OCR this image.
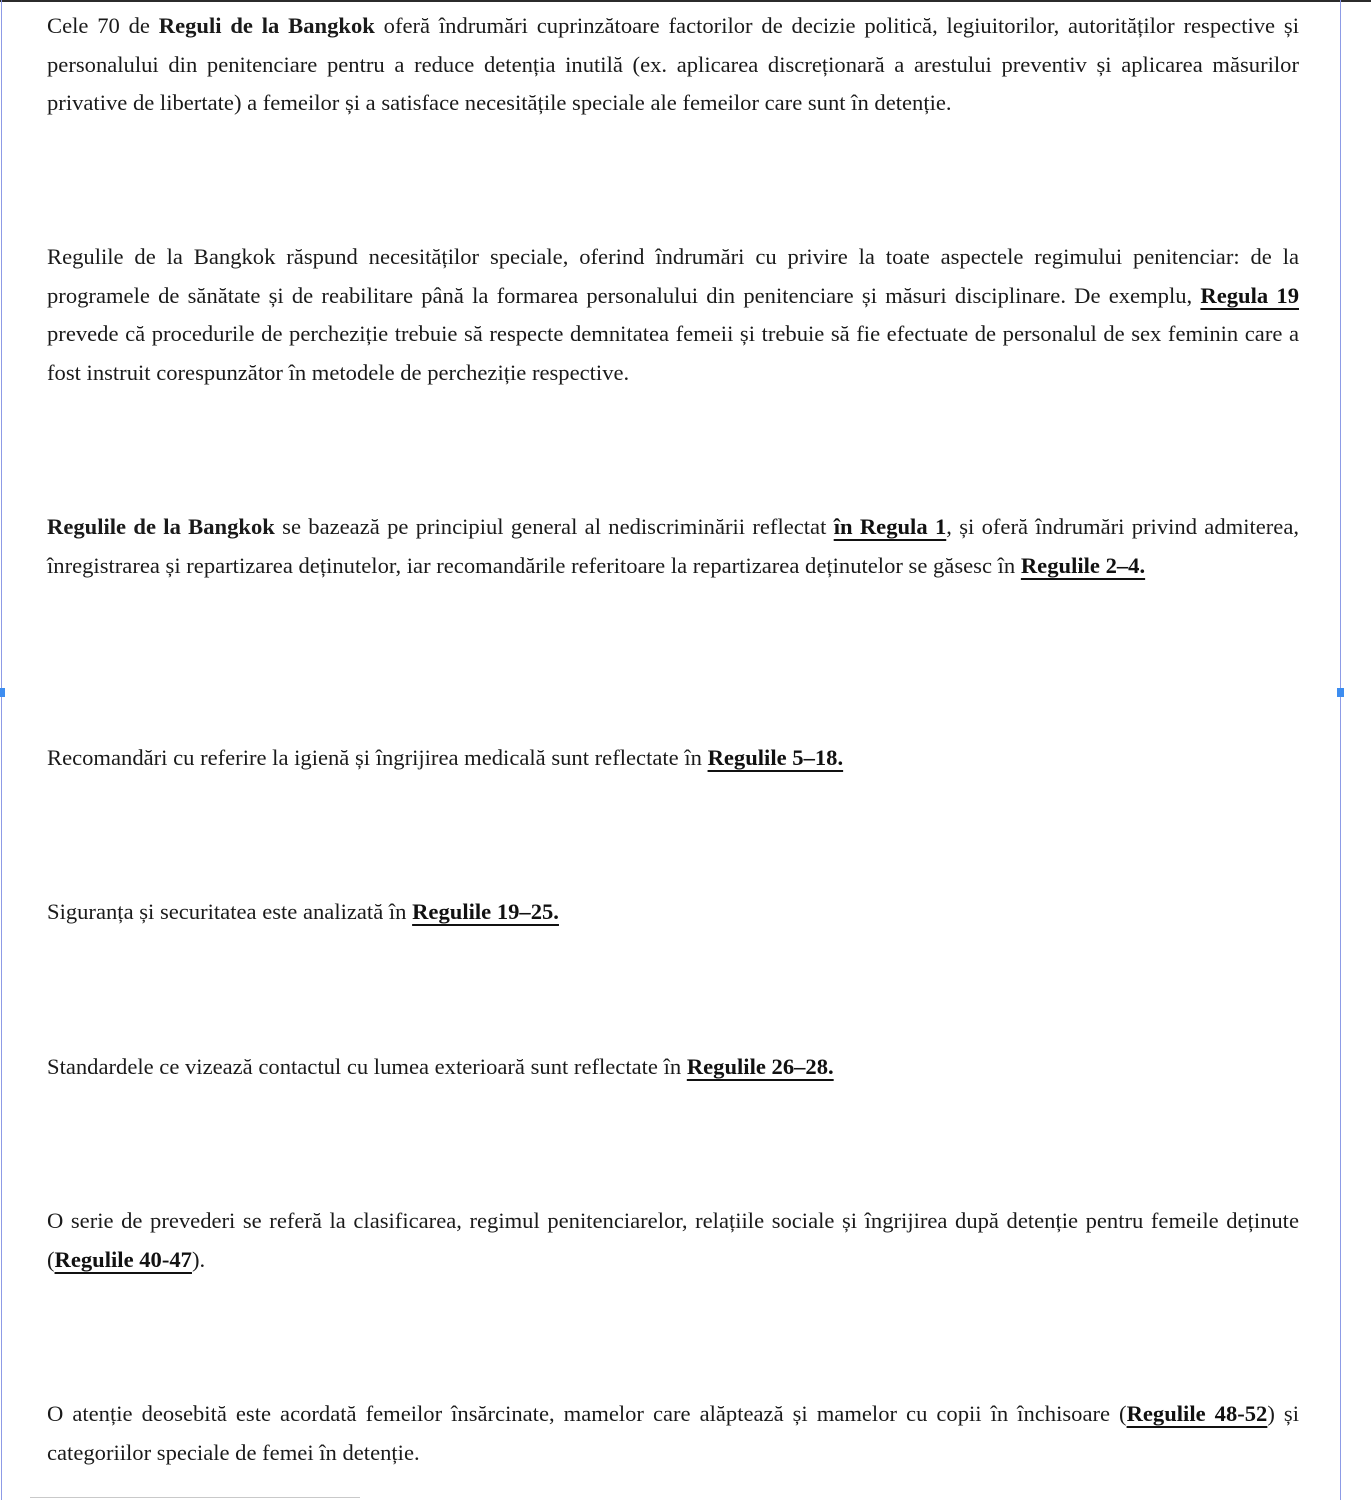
Cele 70 de Reguli de la Bangkok oferă îndrumări cuprinzătoare factorilor de decizie politică, legiuitorilor, autorităților respective și personalului din penitenciare pentru a reduce detenția inutilă (ex. aplicarea discreționară a arestului preventiv și aplicarea măsurilor privative de libertate) a femeilor și a satisface necesitățile speciale ale femeilor care sunt în detenție.

Regulile de la Bangkok răspund necesităților speciale, oferind îndrumări cu privire la toate aspectele regimului penitenciar: de la programele de sănătate și de reabilitare până la formarea personalului din penitenciare și măsuri disciplinare. De exemplu, Regula 19 prevede că procedurile de percheziție trebuie să respecte demnitatea femeii și trebuie să fie efectuate de personalul de sex feminin care a fost instruit corespunzător în metodele de percheziție respective.

Regulile de la Bangkok se bazează pe principiul general al nediscriminării reflectat în Regula 1, și oferă îndrumări privind admiterea, înregistrarea și repartizarea deținutelor, iar recomandările referitoare la repartizarea deținutelor se găsesc în Regulile 2–4.

Recomandări cu referire la igienă și îngrijirea medicală sunt reflectate în Regulile 5–18.

Siguranța și securitatea este analizată în Regulile 19–25.

Standardele ce vizează contactul cu lumea exterioară sunt reflectate în Regulile 26–28.

O serie de prevederi se referă la clasificarea, regimul penitenciarelor, relațiile sociale și îngrijirea după detenție pentru femeile deținute (Regulile 40-47).

O atenție deosebită este acordată femeilor însărcinate, mamelor care alăptează și mamelor cu copii în închisoare (Regulile 48-52) și categoriilor speciale de femei în detenție.
